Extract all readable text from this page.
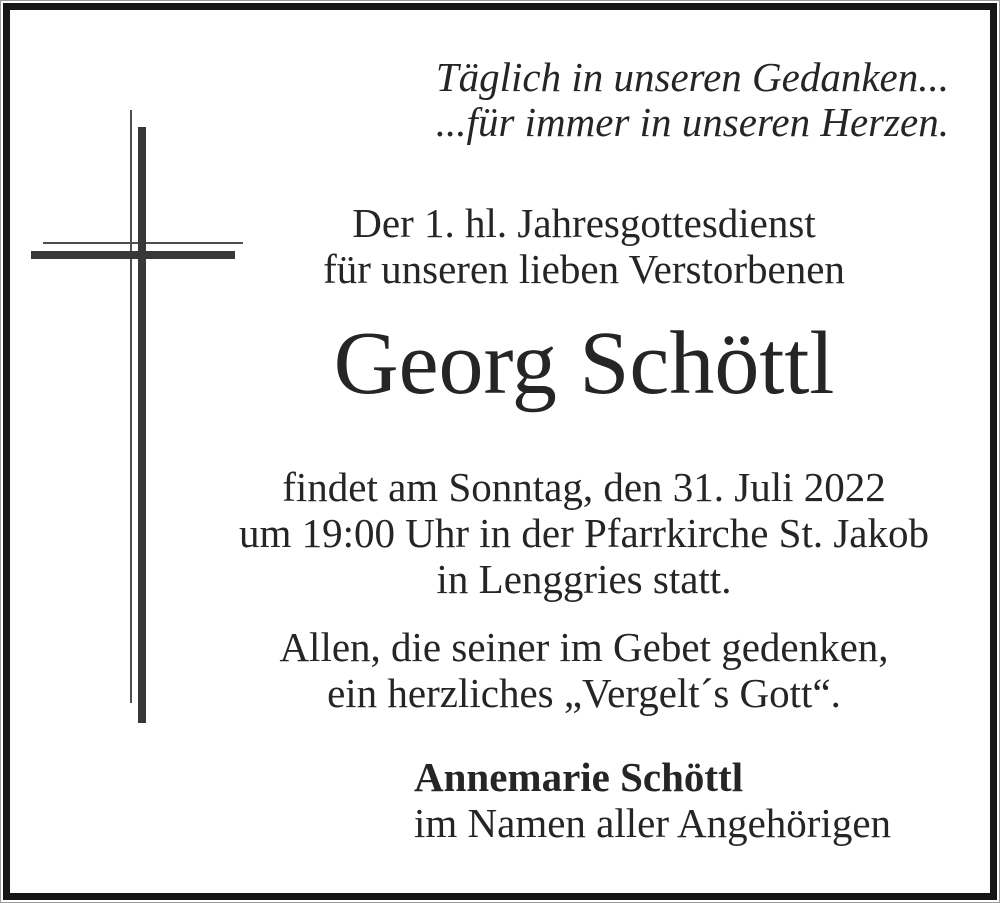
Täglich in unseren Gedanken...
...für immer in unseren Herzen.
Der 1. hl. Jahresgottesdienst
für unseren lieben Verstorbenen
Georg Schöttl
findet am Sonntag, den 31. Juli 2022
um 19:00 Uhr in der Pfarrkirche St. Jakob
in Lenggries statt.
Allen, die seiner im Gebet gedenken,
ein herzliches „Vergelt´s Gott“.
Annemarie Schöttl
im Namen aller Angehörigen
